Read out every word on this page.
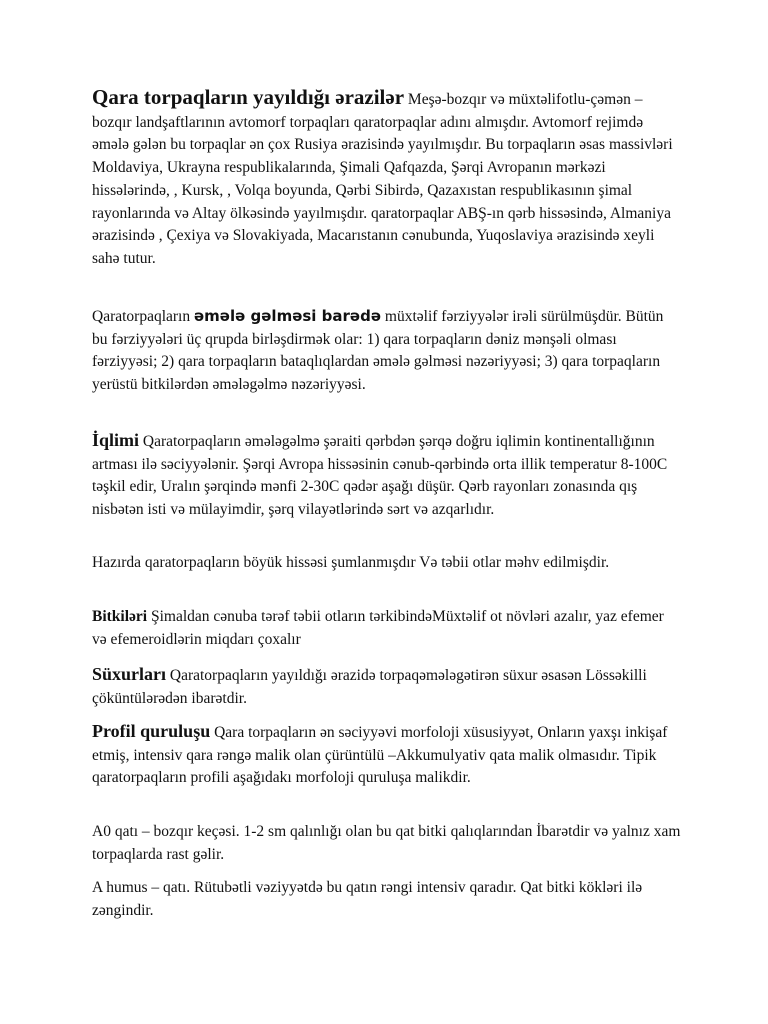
Qara torpaqların yayıldığı ərazilər Meşə-bozqır və müxtəlifotlu-çəmən – bozqır landşaftlarının avtomorf torpaqları qaratorpaqlar adını almışdır. Avtomorf rejimdə əmələ gələn bu torpaqlar ən çox Rusiya ərazisində yayılmışdır. Bu torpaqların əsas massivləri Moldaviya, Ukrayna respublikalarında, Şimali Qafqazda, Şərqi Avropanın mərkəzi hissələrində, , Kursk, , Volqa boyunda, Qərbi Sibirdə, Qazaxıstan respublikasının şimal rayonlarında və Altay ölkəsində yayılmışdır. qaratorpaqlar ABŞ-ın qərb hissəsində, Almaniya ərazisində , Çexiya və Slovakiyada, Macarıstanın cənubunda, Yuqoslaviya ərazisində xeyli sahə tutur.

Qaratorpaqların əmələ gəlməsi barədə müxtəlif fərziyyələr irəli sürülmüşdür. Bütün bu fərziyyələri üç qrupda birləşdirmək olar: 1) qara torpaqların dəniz mənşəli olması fərziyyəsi; 2) qara torpaqların bataqlıqlardan əmələ gəlməsi nəzəriyyəsi; 3) qara torpaqların yerüstü bitkilərdən əmələgəlmə nəzəriyyəsi.

İqlimi Qaratorpaqların əmələgəlmə şəraiti qərbdən şərqə doğru iqlimin kontinentallığının artması ilə səciyyələnir. Şərqi Avropa hissəsinin cənub-qərbində orta illik temperatur 8-100C təşkil edir, Uralın şərqində mənfi 2-30C qədər aşağı düşür. Qərb rayonları zonasında qış nisbətən isti və mülayimdir, şərq vilayətlərində sərt və azqarlıdır.

Hazırda qaratorpaqların böyük hissəsi şumlanmışdır Və təbii otlar məhv edilmişdir.

Bitkiləri Şimaldan cənuba tərəf təbii otların tərkibindəMüxtəlif ot növləri azalır, yaz efemer və efemeroidlərin miqdarı çoxalır

Süxurları Qaratorpaqların yayıldığı ərazidə torpaqəmələgətirən süxur əsasən Lössəkilli çöküntülərədən ibarətdir.

Profil quruluşu Qara torpaqların ən səciyyəvi morfoloji xüsusiyyət, Onların yaxşı inkişaf etmiş, intensiv qara rəngə malik olan çürüntülü –Akkumulyativ qata malik olmasıdır. Tipik qaratorpaqların profili aşağıdakı morfoloji quruluşa malikdir.

A0 qatı – bozqır keçəsi. 1-2 sm qalınlığı olan bu qat bitki qalıqlarından İbarətdir və yalnız xam torpaqlarda rast gəlir.

A humus – qatı. Rütubətli vəziyyətdə bu qatın rəngi intensiv qaradır. Qat bitki kökləri ilə zəngindir.
